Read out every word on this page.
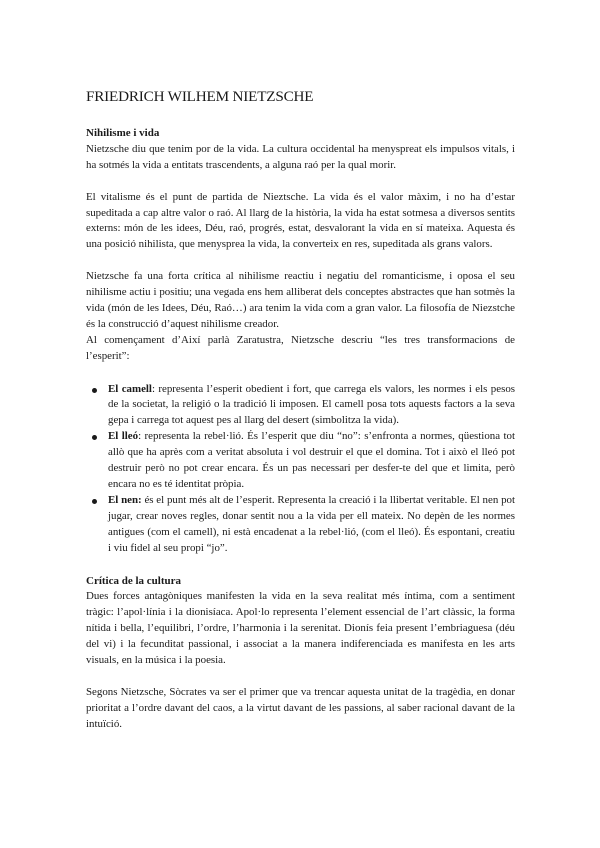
FRIEDRICH WILHEM NIETZSCHE
Nihilisme i vida

Nietzsche diu que tenim por de la vida. La cultura occidental ha menyspreat els impulsos vitals, i ha sotmés la vida a entitats trascendents, a alguna raó per la qual morir.

El vitalisme és el punt de partida de Nieztsche. La vida és el valor màxim, i no ha d’estar supeditada a cap altre valor o raó. Al llarg de la història, la vida ha estat sotmesa a diversos sentits externs: món de les idees, Déu, raó, progrés, estat, desvalorant la vida en sí mateixa. Aquesta és una posició nihilista, que menysprea la vida, la converteix en res, supeditada als grans valors.

Nietzsche fa una forta crítica al nihilisme reactiu i negatiu del romanticisme, i oposa el seu nihilisme actiu i positiu; una vegada ens hem alliberat dels conceptes abstractes que han sotmès la vida (món de les Idees, Déu, Raó…) ara tenim la vida com a gran valor. La filosofía de Niezstche és la construcció d’aquest nihilisme creador.

Al començament d’Així parlà Zaratustra, Nietzsche descriu “les tres transformacions de l’esperit”:

El camell: representa l’esperit obedient i fort, que carrega els valors, les normes i els pesos de la societat, la religió o la tradició li imposen. El camell posa tots aquests factors a la seva gepa i carrega tot aquest pes al llarg del desert (simbolitza la vida).
El lleó: representa la rebel·lió. És l’esperit que diu “no”: s’enfronta a normes, qüestiona tot allò que ha après com a veritat absoluta i vol destruir el que el domina. Tot i això el lleó pot destruir però no pot crear encara. És un pas necessari per desfer-te del que et limita, però encara no es té identitat pròpia.
El nen: és el punt més alt de l’esperit. Representa la creació i la llibertat veritable. El nen pot jugar, crear noves regles, donar sentit nou a la vida per ell mateix. No depèn de les normes antigues (com el camell), ni està encadenat a la rebel·lió, (com el lleó). És espontani, creatiu i viu fidel al seu propi “jo”.
Crítica de la cultura

Dues forces antagòniques manifesten la vida en la seva realitat més íntima, com a sentiment tràgic: l’apol·línia i la dionisíaca. Apol·lo representa l’element essencial de l’art clàssic, la forma nítida i bella, l’equilibri, l’ordre, l’harmonia i la serenitat. Dionís feia present l’embriaguesa (déu del vi) i la fecunditat passional, i associat a la manera indiferenciada es manifesta en les arts visuals, en la música i la poesia.

Segons Nietzsche, Sòcrates va ser el primer que va trencar aquesta unitat de la tragèdia, en donar prioritat a l’ordre davant del caos, a la virtut davant de les passions, al saber racional davant de la intuïció.
